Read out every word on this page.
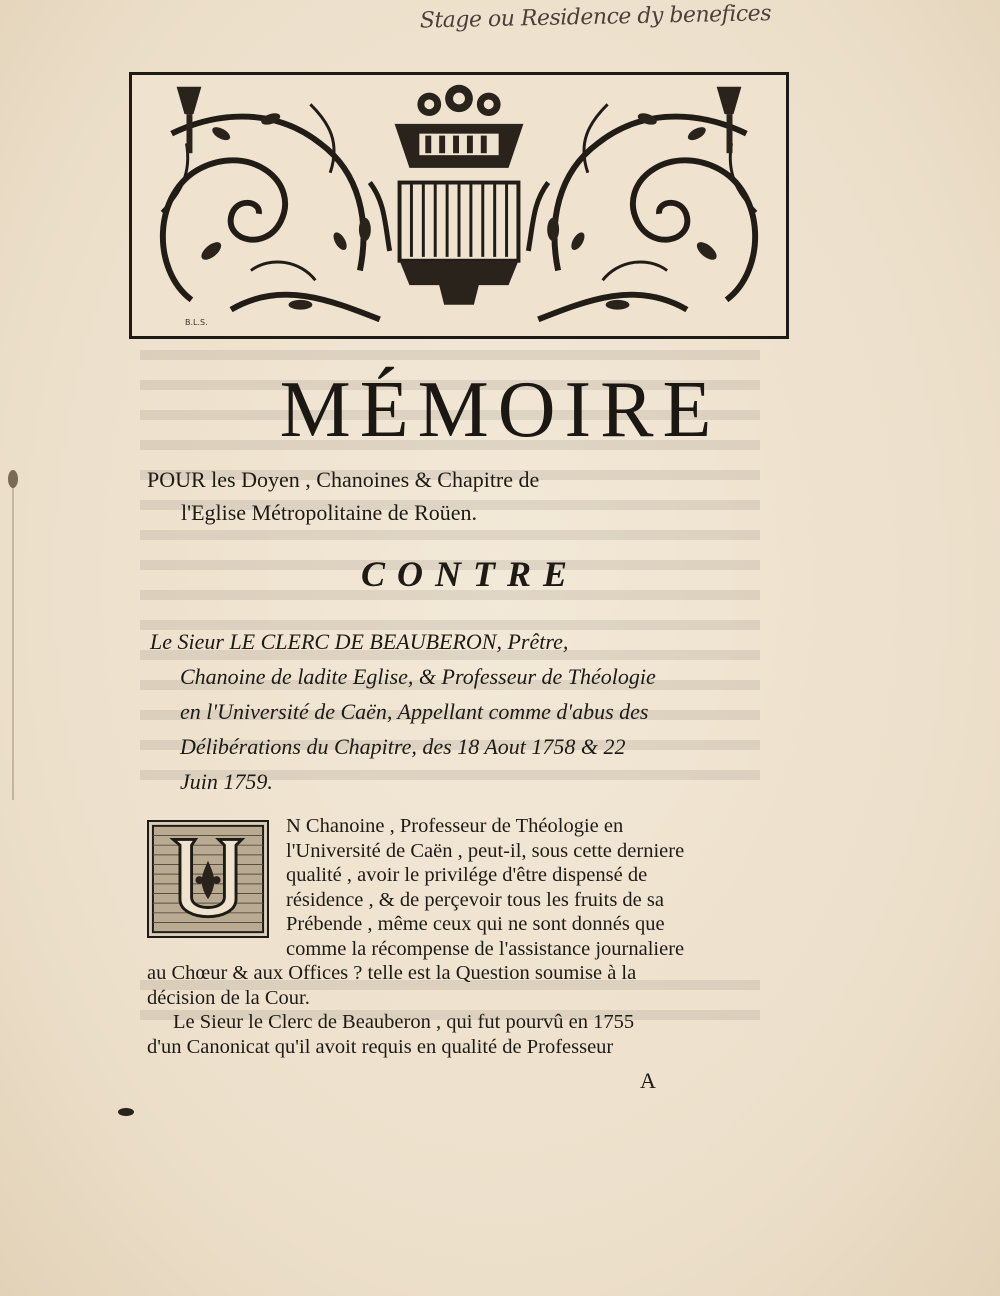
Stage ou Residence dy benefices
B.L.S.
MÉMOIRE
POUR les Doyen , Chanoines & Chapitre de
l'Eglise Métropolitaine de Roüen.
CONTRE
Le Sieur LE CLERC DE BEAUBERON, Prêtre,
Chanoine de ladite Eglise, & Professeur de Théologie
en l'Université de Caën, Appellant comme d'abus des
Délibérations du Chapitre, des 18 Aout 1758 & 22
Juin 1759.
N Chanoine , Professeur de Théologie en
l'Université de Caën , peut-il, sous cette derniere
qualité , avoir le privilége d'être dispensé de
résidence , & de perçevoir tous les fruits de sa
Prébende , même ceux qui ne sont donnés que
comme la récompense de l'assistance journaliere
au Chœur & aux Offices ? telle est la Question soumise à la
décision de la Cour.
Le Sieur le Clerc de Beauberon , qui fut pourvû en 1755
d'un Canonicat qu'il avoit requis en qualité de Professeur
A
